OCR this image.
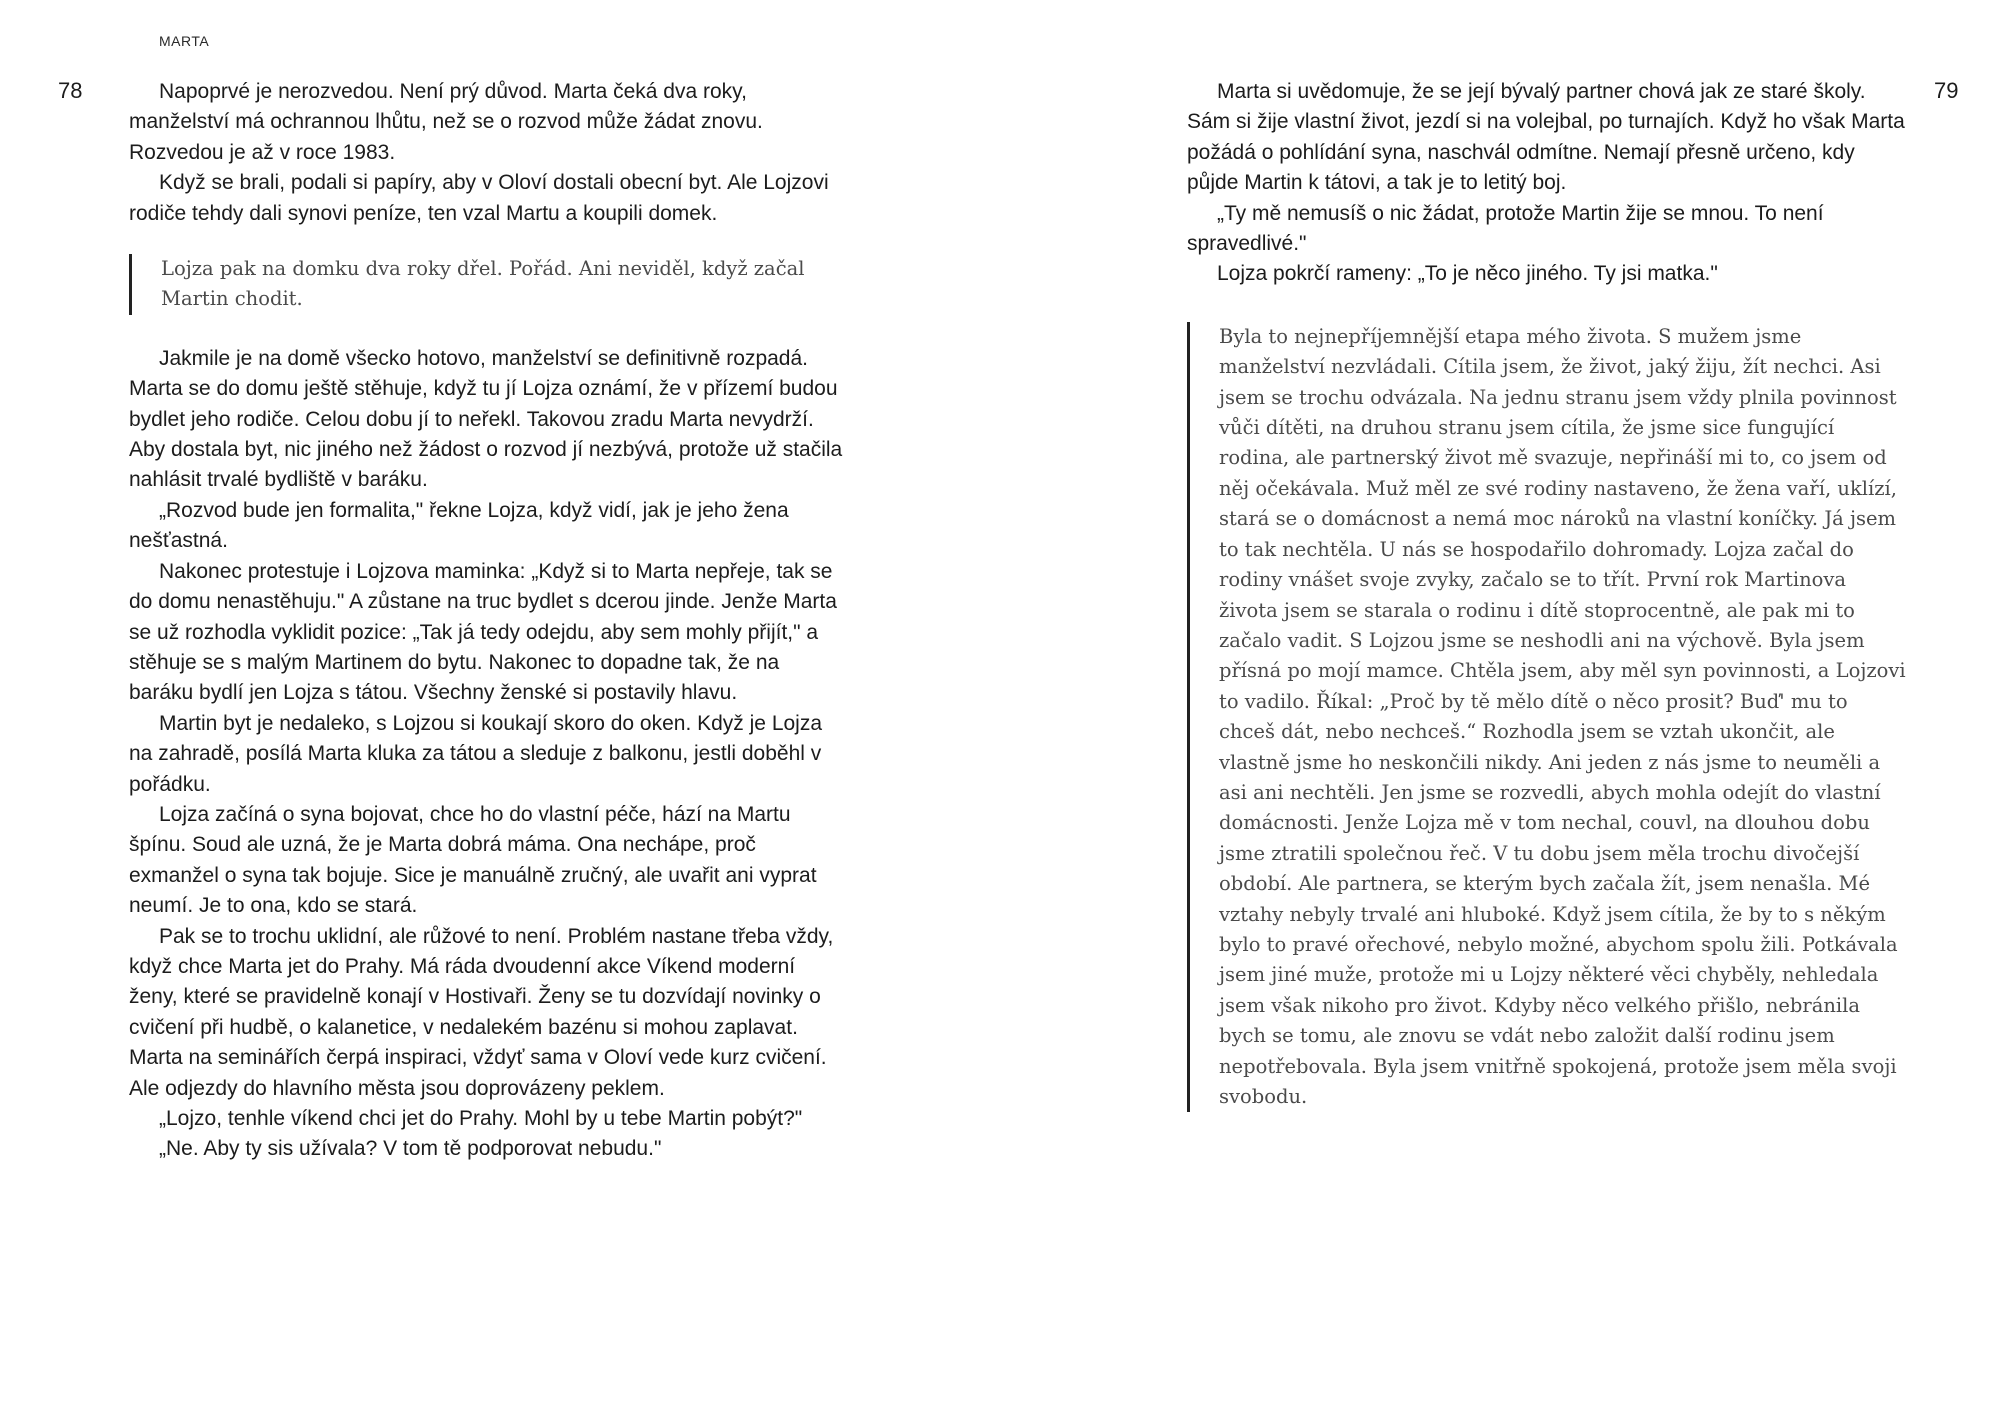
MARTA
78	Napoprvé je nerozvedou. Není prý důvod. Marta čeká dva roky, manželství má ochrannou lhůtu, než se o rozvod může žádat znovu. Rozvedou je až v roce 1983.

Když se brali, podali si papíry, aby v Oloví dostali obecní byt. Ale Lojzovi rodiče tehdy dali synovi peníze, ten vzal Martu a koupili domek.

Lojza pak na domku dva roky dřel. Pořád. Ani neviděl, když začal Martin chodit.

Jakmile je na domě všecko hotovo, manželství se definitivně rozpadá. Marta se do domu ještě stěhuje, když tu jí Lojza oznámí, že v přízemí budou bydlet jeho rodiče. Celou dobu jí to neřekl. Takovou zradu Marta nevydrží. Aby dostala byt, nic jiného než žádost o rozvod jí nezbývá, protože už stačila nahlásit trvalé bydliště v baráku.

„Rozvod bude jen formalita," řekne Lojza, když vidí, jak je jeho žena nešťastná.

Nakonec protestuje i Lojzova maminka: „Když si to Marta nepřeje, tak se do domu nenastěhuju." A zůstane na truc bydlet s dcerou jinde. Jenže Marta se už rozhodla vyklidit pozice: „Tak já tedy odejdu, aby sem mohly přijít," a stěhuje se s malým Martinem do bytu. Nakonec to dopadne tak, že na baráku bydlí jen Lojza s tátou. Všechny ženské si postavily hlavu.

Martin byt je nedaleko, s Lojzou si koukají skoro do oken. Když je Lojza na zahradě, posílá Marta kluka za tátou a sleduje z balkonu, jestli doběhl v pořádku.

Lojza začíná o syna bojovat, chce ho do vlastní péče, hází na Martu špínu. Soud ale uzná, že je Marta dobrá máma. Ona nechápe, proč exmanžel o syna tak bojuje. Sice je manuálně zručný, ale uvařit ani vyprat neumí. Je to ona, kdo se stará.

Pak se to trochu uklidní, ale růžové to není. Problém nastane třeba vždy, když chce Marta jet do Prahy. Má ráda dvoudenní akce Víkend moderní ženy, které se pravidelně konají v Hostivaři. Ženy se tu dozvídají novinky o cvičení při hudbě, o kalanetice, v nedalekém bazénu si mohou zaplavat. Marta na seminářích čerpá inspiraci, vždyť sama v Oloví vede kurz cvičení. Ale odjezdy do hlavního města jsou doprovázeny peklem.

„Lojzo, tenhle víkend chci jet do Prahy. Mohl by u tebe Martin pobýt?"

„Ne. Aby ty sis užívala? V tom tě podporovat nebudu."

79

Marta si uvědomuje, že se její bývalý partner chová jak ze staré školy. Sám si žije vlastní život, jezdí si na volejbal, po turnajích. Když ho však Marta požádá o pohlídání syna, naschvál odmítne. Nemají přesně určeno, kdy půjde Martin k tátovi, a tak je to letitý boj.

„Ty mě nemusíš o nic žádat, protože Martin žije se mnou. To není spravedlivé."

Lojza pokrčí rameny: „To je něco jiného. Ty jsi matka."

Byla to nejnepříjemnější etapa mého života. S mužem jsme manželství nezvládali. Cítila jsem, že život, jaký žiju, žít nechci. Asi jsem se trochu odvázala. Na jednu stranu jsem vždy plnila povinnost vůči dítěti, na druhou stranu jsem cítila, že jsme sice fungující rodina, ale partnerský život mě svazuje, nepřináší mi to, co jsem od něj očekávala. Muž měl ze své rodiny nastaveno, že žena vaří, uklízí, stará se o domácnost a nemá moc nároků na vlastní koníčky. Já jsem to tak nechtěla. U nás se hospodařilo dohromady. Lojza začal do rodiny vnášet svoje zvyky, začalo se to třít. První rok Martinova života jsem se starala o rodinu i dítě stoprocentně, ale pak mi to začalo vadit. S Lojzou jsme se neshodli ani na výchově. Byla jsem přísná po mojí mamce. Chtěla jsem, aby měl syn povinnosti, a Lojzovi to vadilo. Říkal: „Proč by tě mělo dítě o něco prosit? Buď' mu to chceš dát, nebo nechceš.“ Rozhodla jsem se vztah ukončit, ale vlastně jsme ho neskončili nikdy. Ani jeden z nás jsme to neuměli a asi ani nechtěli. Jen jsme se rozvedli, abych mohla odejít do vlastní domácnosti. Jenže Lojza mě v tom nechal, couvl, na dlouhou dobu jsme ztratili společnou řeč. V tu dobu jsem měla trochu divočejší období. Ale partnera, se kterým bych začala žít, jsem nenašla. Mé vztahy nebyly trvalé ani hluboké. Když jsem cítila, že by to s někým bylo to pravé ořechové, nebylo možné, abychom spolu žili. Potkávala jsem jiné muže, protože mi u Lojzy některé věci chyběly, nehledala jsem však nikoho pro život. Kdyby něco velkého přišlo, nebránila bych se tomu, ale znovu se vdát nebo založit další rodinu jsem nepotřebovala. Byla jsem vnitřně spokojená, protože jsem měla svoji svobodu.
